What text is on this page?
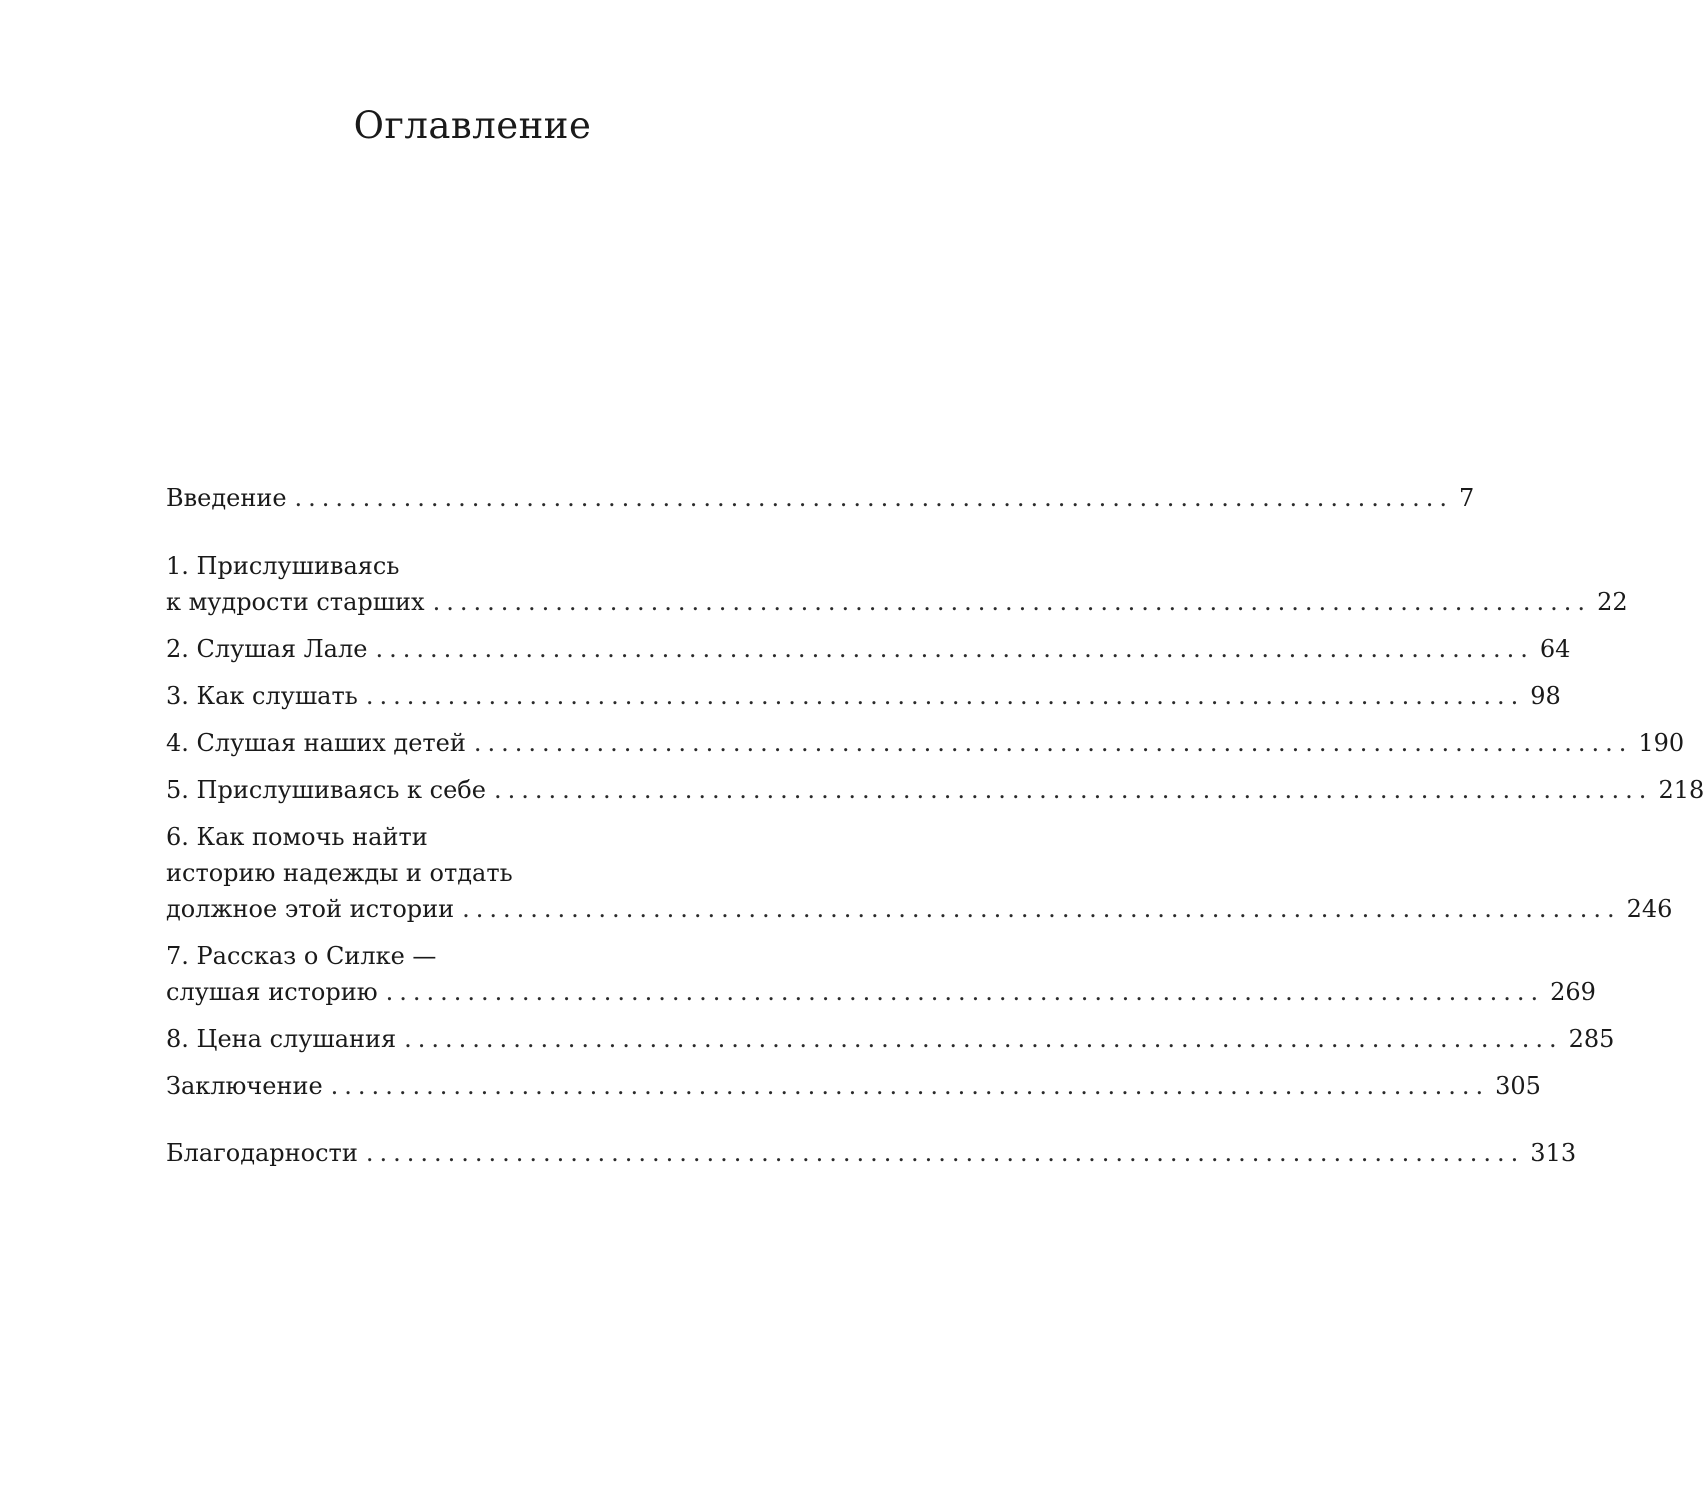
Оглавление
Введение ..................................................................................... 7
1. Прислушиваясь
к мудрости старших ..................................................................................... 22
2. Слушая Лале ..................................................................................... 64
3. Как слушать ..................................................................................... 98
4. Слушая наших детей ..................................................................................... 190
5. Прислушиваясь к себе ..................................................................................... 218
6. Как помочь найти
историю надежды и отдать
должное этой истории ..................................................................................... 246
7. Рассказ о Силке —
слушая историю ..................................................................................... 269
8. Цена слушания ..................................................................................... 285
Заключение ..................................................................................... 305
Благодарности ..................................................................................... 313
